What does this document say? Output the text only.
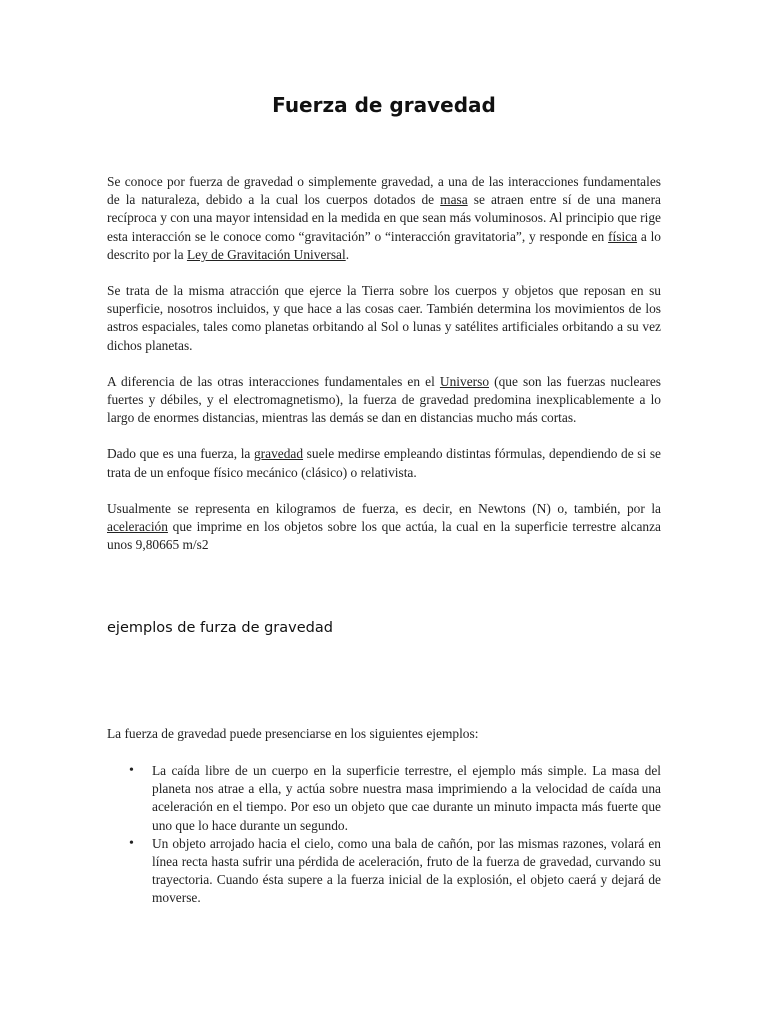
Fuerza de gravedad

Se conoce por fuerza de gravedad o simplemente gravedad, a una de las interacciones fundamentales de la naturaleza, debido a la cual los cuerpos dotados de masa se atraen entre sí de una manera recíproca y con una mayor intensidad en la medida en que sean más voluminosos. Al principio que rige esta interacción se le conoce como “gravitación” o “interacción gravitatoria”, y responde en física a lo descrito por la Ley de Gravitación Universal.

Se trata de la misma atracción que ejerce la Tierra sobre los cuerpos y objetos que reposan en su superficie, nosotros incluidos, y que hace a las cosas caer. También determina los movimientos de los astros espaciales, tales como planetas orbitando al Sol o lunas y satélites artificiales orbitando a su vez dichos planetas.

A diferencia de las otras interacciones fundamentales en el Universo (que son las fuerzas nucleares fuertes y débiles, y el electromagnetismo), la fuerza de gravedad predomina inexplicablemente a lo largo de enormes distancias, mientras las demás se dan en distancias mucho más cortas.

Dado que es una fuerza, la gravedad suele medirse empleando distintas fórmulas, dependiendo de si se trata de un enfoque físico mecánico (clásico) o relativista.

Usualmente se representa en kilogramos de fuerza, es decir, en Newtons (N) o, también, por la aceleración que imprime en los objetos sobre los que actúa, la cual en la superficie terrestre alcanza unos 9,80665 m/s2

ejemplos de furza de gravedad

La fuerza de gravedad puede presenciarse en los siguientes ejemplos:

• La caída libre de un cuerpo en la superficie terrestre, el ejemplo más simple. La masa del planeta nos atrae a ella, y actúa sobre nuestra masa imprimiendo a la velocidad de caída una aceleración en el tiempo. Por eso un objeto que cae durante un minuto impacta más fuerte que uno que lo hace durante un segundo.
• Un objeto arrojado hacia el cielo, como una bala de cañón, por las mismas razones, volará en línea recta hasta sufrir una pérdida de aceleración, fruto de la fuerza de gravedad, curvando su trayectoria. Cuando ésta supere a la fuerza inicial de la explosión, el objeto caerá y dejará de moverse.
